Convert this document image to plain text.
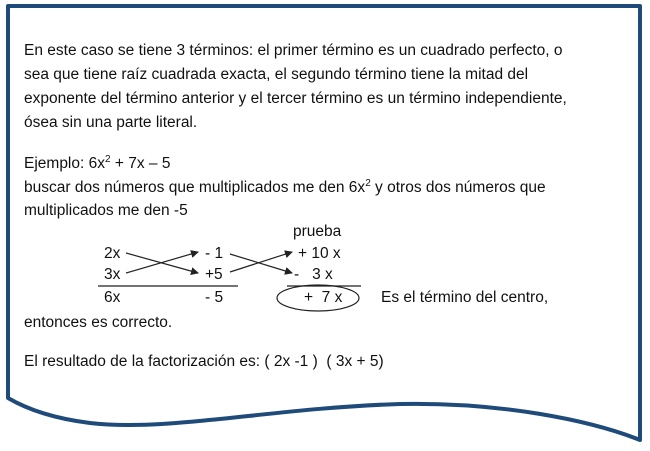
En este caso se tiene 3 términos: el primer término es un cuadrado perfecto, o
sea que tiene raíz cuadrada exacta, el segundo término tiene la mitad del
exponente del término anterior y el tercer término es un término independiente,
ósea sin una parte literal.
Ejemplo: $6x^2 + 7x - 5$
buscar dos números que multiplicados me den $6x^2$ y otros dos números que
multiplicados me den -5
prueba
2x
3x
6x
- 1
+5
- 5
+ 10 x
-   3 x
+  7 x Es el término del centro,
entonces es correcto.
El resultado de la factorización es: ( 2x -1 )  ( 3x + 5)
